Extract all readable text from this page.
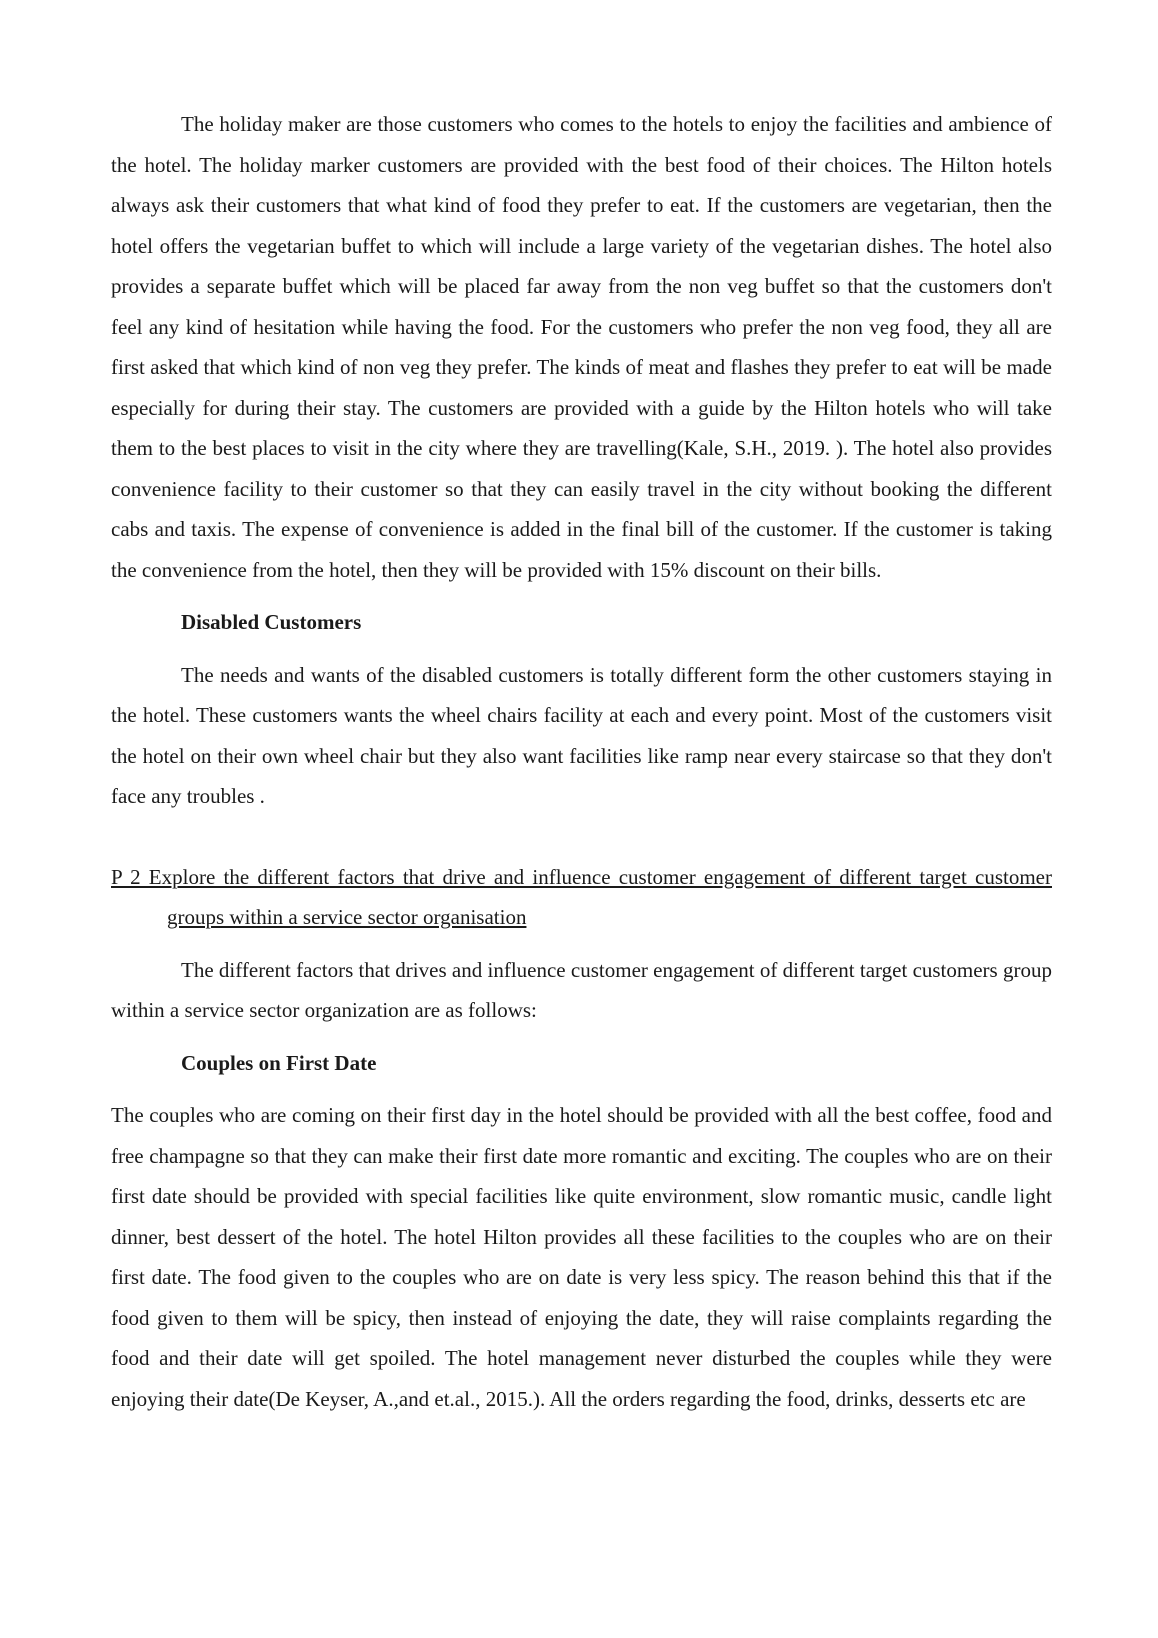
The holiday maker are those customers who comes to the hotels to enjoy the facilities and ambience of the hotel. The holiday marker customers are provided with the best food of their choices. The Hilton hotels always ask their customers that what kind of food they prefer to eat. If the customers are vegetarian, then the hotel offers the vegetarian buffet to which will include a large variety of the vegetarian dishes. The hotel also provides a separate buffet which will be placed far away from the non veg buffet so that the customers don't feel any kind of hesitation while having the food. For the customers who prefer the non veg food, they all are first asked that which kind of non veg they prefer. The kinds of meat and flashes they prefer to eat will be made especially for during their stay. The customers are provided with a guide by the Hilton hotels who will take them to the best places to visit in the city where they are travelling(Kale, S.H., 2019. ). The hotel also provides convenience facility to their customer so that they can easily travel in the city without booking the different cabs and taxis. The expense of convenience is added in the final bill of the customer. If the customer is taking the convenience from the hotel, then they will be provided with 15% discount on their bills.

Disabled Customers

The needs and wants of the disabled customers is totally different form the other customers staying in the hotel. These customers wants the wheel chairs facility at each and every point. Most of the customers visit the hotel on their own wheel chair but they also want facilities like ramp near every staircase so that they don't face any troubles .

P 2 Explore the different factors that drive and influence customer engagement of different target customer groups within a service sector organisation

The different factors that drives and influence customer engagement of different target customers group within a service sector organization are as follows:

Couples on First Date

The couples who are coming on their first day in the hotel should be provided with all the best coffee, food and free champagne so that they can make their first date more romantic and exciting. The couples who are on their first date should be provided with special facilities like quite environment, slow romantic music, candle light dinner, best dessert of the hotel. The hotel Hilton provides all these facilities to the couples who are on their first date. The food given to the couples who are on date is very less spicy. The reason behind this that if the food given to them will be spicy, then instead of enjoying the date, they will raise complaints regarding the food and their date will get spoiled. The hotel management never disturbed the couples while they were enjoying their date(De Keyser, A.,and et.al., 2015.). All the orders regarding the food, drinks, desserts etc are
